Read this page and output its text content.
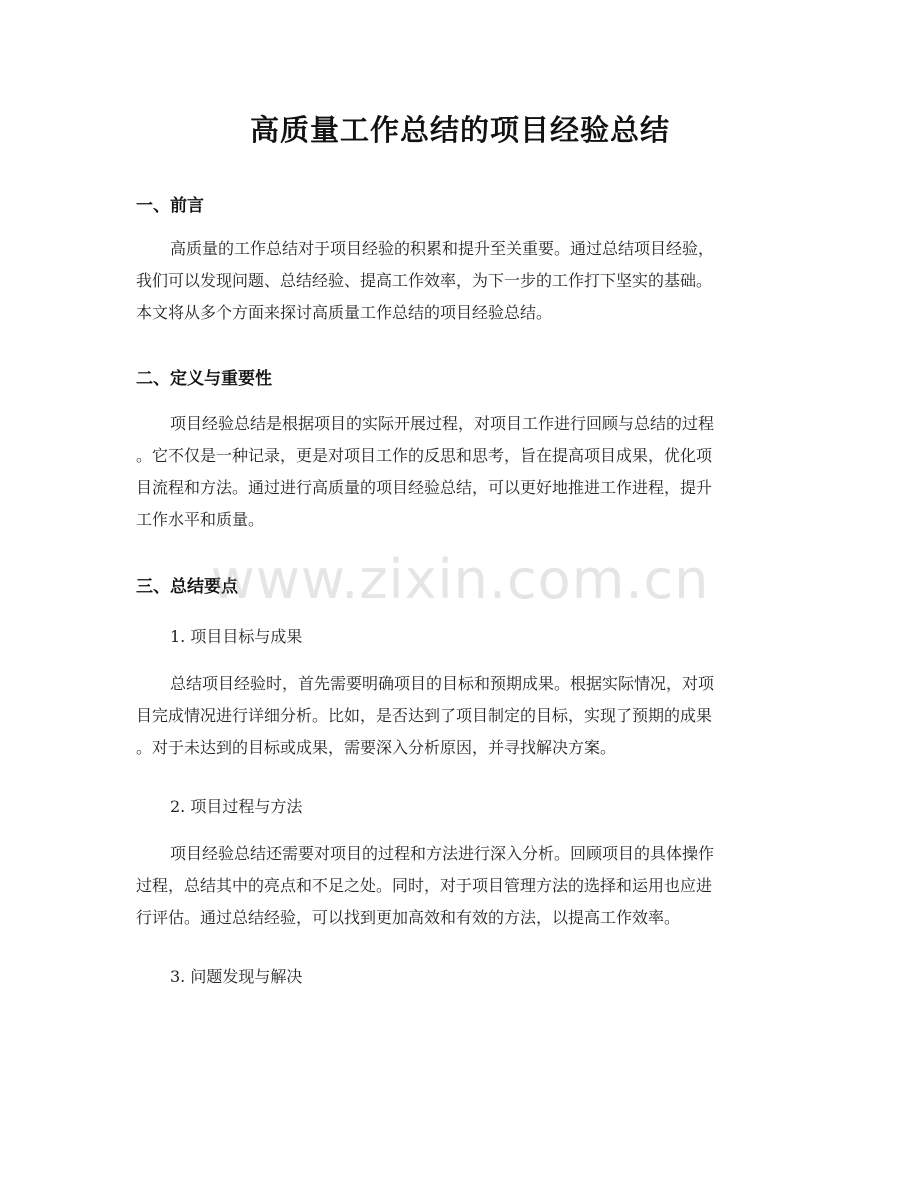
高质量工作总结的项目经验总结
一、前言
高质量的工作总结对于项目经验的积累和提升至关重要。通过总结项目经验，
我们可以发现问题、总结经验、提高工作效率，为下一步的工作打下坚实的基础。
本文将从多个方面来探讨高质量工作总结的项目经验总结。
二、定义与重要性
项目经验总结是根据项目的实际开展过程，对项目工作进行回顾与总结的过程
。它不仅是一种记录，更是对项目工作的反思和思考，旨在提高项目成果，优化项
目流程和方法。通过进行高质量的项目经验总结，可以更好地推进工作进程，提升
工作水平和质量。
三、总结要点
1. 项目目标与成果
总结项目经验时，首先需要明确项目的目标和预期成果。根据实际情况，对项
目完成情况进行详细分析。比如，是否达到了项目制定的目标，实现了预期的成果
。对于未达到的目标或成果，需要深入分析原因，并寻找解决方案。
2. 项目过程与方法
项目经验总结还需要对项目的过程和方法进行深入分析。回顾项目的具体操作
过程，总结其中的亮点和不足之处。同时，对于项目管理方法的选择和运用也应进
行评估。通过总结经验，可以找到更加高效和有效的方法，以提高工作效率。
3. 问题发现与解决
www.zixin.com.cn
